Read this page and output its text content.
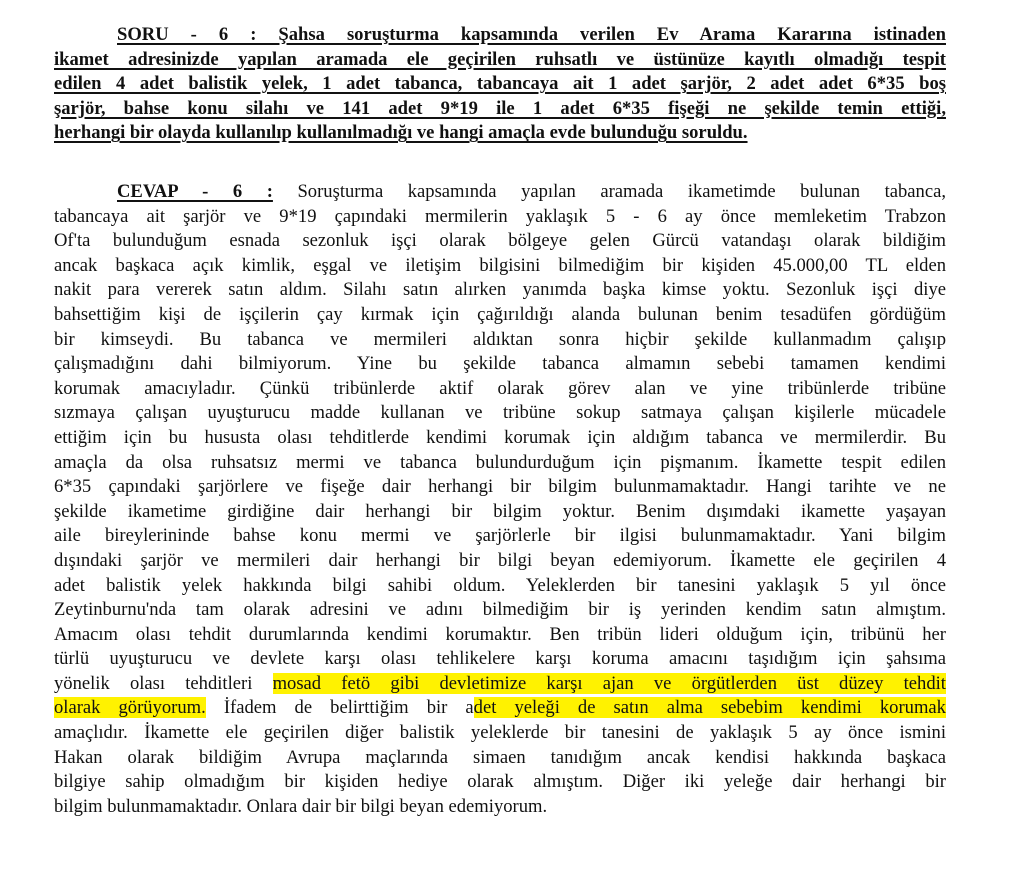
SORU - 6 : Şahsa soruşturma kapsamında verilen Ev Arama Kararına istinaden
ikamet adresinizde yapılan aramada ele geçirilen ruhsatlı ve üstünüze kayıtlı olmadığı tespit
edilen 4 adet balistik yelek, 1 adet tabanca, tabancaya ait 1 adet şarjör, 2 adet adet 6*35 boş
şarjör, bahse konu silahı ve 141 adet 9*19 ile 1 adet 6*35 fişeği ne şekilde temin ettiği,
herhangi bir olayda kullanılıp kullanılmadığı ve hangi amaçla evde bulunduğu soruldu.
CEVAP - 6 : Soruşturma kapsamında yapılan aramada ikametimde bulunan tabanca,
tabancaya ait şarjör ve 9*19 çapındaki mermilerin yaklaşık 5 - 6 ay önce memleketim Trabzon
Of'ta bulunduğum esnada sezonluk işçi olarak bölgeye gelen Gürcü vatandaşı olarak bildiğim
ancak başkaca açık kimlik, eşgal ve iletişim bilgisini bilmediğim bir kişiden 45.000,00 TL elden
nakit para vererek satın aldım. Silahı satın alırken yanımda başka kimse yoktu. Sezonluk işçi diye
bahsettiğim kişi de işçilerin çay kırmak için çağırıldığı alanda bulunan benim tesadüfen gördüğüm
bir kimseydi. Bu tabanca ve mermileri aldıktan sonra hiçbir şekilde kullanmadım çalışıp
çalışmadığını dahi bilmiyorum. Yine bu şekilde tabanca almamın sebebi tamamen kendimi
korumak amacıyladır. Çünkü tribünlerde aktif olarak görev alan ve yine tribünlerde tribüne
sızmaya çalışan uyuşturucu madde kullanan ve tribüne sokup satmaya çalışan kişilerle mücadele
ettiğim için bu hususta olası tehditlerde kendimi korumak için aldığım tabanca ve mermilerdir. Bu
amaçla da olsa ruhsatsız mermi ve tabanca bulundurduğum için pişmanım. İkamette tespit edilen
6*35 çapındaki şarjörlere ve fişeğe dair herhangi bir bilgim bulunmamaktadır. Hangi tarihte ve ne
şekilde ikametime girdiğine dair herhangi bir bilgim yoktur. Benim dışımdaki ikamette yaşayan
aile bireylerininde bahse konu mermi ve şarjörlerle bir ilgisi bulunmamaktadır. Yani bilgim
dışındaki şarjör ve mermileri dair herhangi bir bilgi beyan edemiyorum. İkamette ele geçirilen 4
adet balistik yelek hakkında bilgi sahibi oldum. Yeleklerden bir tanesini yaklaşık 5 yıl önce
Zeytinburnu'nda tam olarak adresini ve adını bilmediğim bir iş yerinden kendim satın almıştım.
Amacım olası tehdit durumlarında kendimi korumaktır. Ben tribün lideri olduğum için, tribünü her
türlü uyuşturucu ve devlete karşı olası tehlikelere karşı koruma amacını taşıdığım için şahsıma
yönelik olası tehditleri mosad fetö gibi devletimize karşı ajan ve örgütlerden üst düzey tehdit
olarak görüyorum. İfadem de belirttiğim bir adet yeleği de satın alma sebebim kendimi korumak
amaçlıdır. İkamette ele geçirilen diğer balistik yeleklerde bir tanesini de yaklaşık 5 ay önce ismini
Hakan olarak bildiğim Avrupa maçlarında simaen tanıdığım ancak kendisi hakkında başkaca
bilgiye sahip olmadığım bir kişiden hediye olarak almıştım. Diğer iki yeleğe dair herhangi bir
bilgim bulunmamaktadır. Onlara dair bir bilgi beyan edemiyorum.
